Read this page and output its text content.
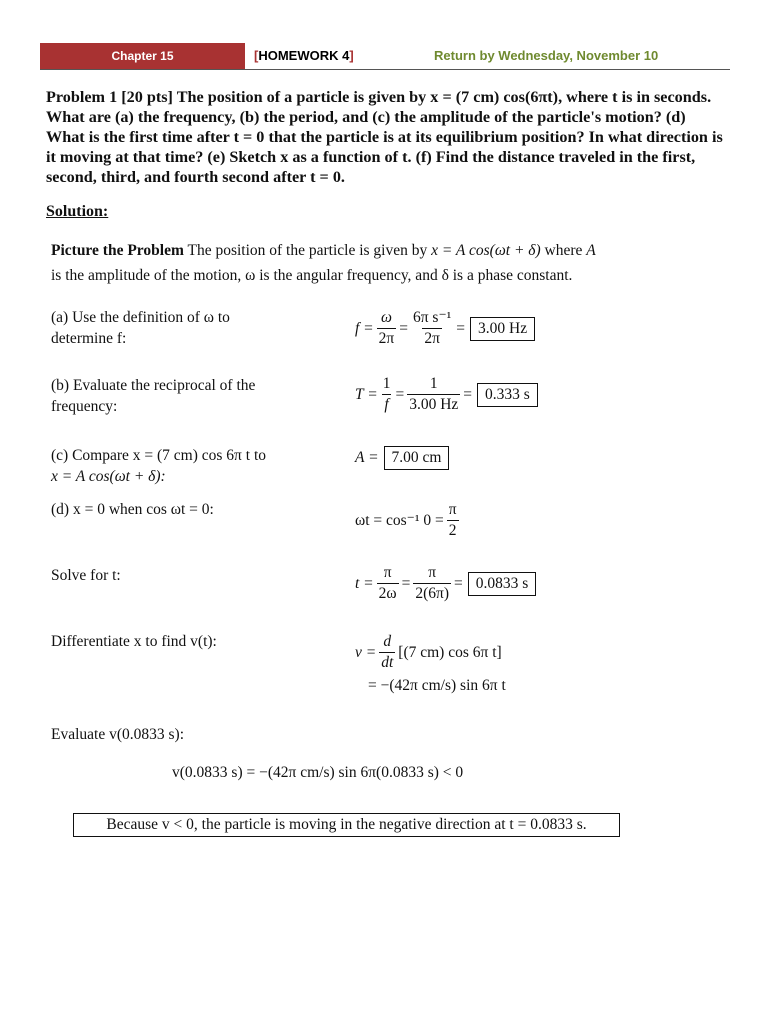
Chapter 15	[HOMEWORK 4]	Return by Wednesday, November 10
Problem 1 [20 pts] The position of a particle is given by x = (7 cm) cos(6πt), where t is in seconds. What are (a) the frequency, (b) the period, and (c) the amplitude of the particle's motion? (d) What is the first time after t = 0 that the particle is at its equilibrium position? In what direction is it moving at that time? (e) Sketch x as a function of t. (f) Find the distance traveled in the first, second, third, and fourth second after t = 0.
Solution:
Picture the Problem The position of the particle is given by x = A cos(ωt + δ) where A
is the amplitude of the motion, ω is the angular frequency, and δ is a phase constant.
(a) Use the definition of ω to
determine f:
$f = \frac{\omega}{2\pi} = \frac{\text{6π s⁻¹}}{2\pi} = 3.00$ Hz
(b) Evaluate the reciprocal of the
frequency:
$T = \frac{1}{f} = \frac{1}{3.00 Hz} = 0.333$ s
(c) Compare x = (7 cm) cos 6π t to
x = A cos(ωt + δ):
A = 7.00 cm
(d) x = 0 when cos ωt = 0:
ωt = cos⁻¹ $0 = \frac{\pi}{2}$
Solve for t:	$t = \frac{\pi}{2\omega} = \frac{\pi}{2(6\pi)} = 0.0833$ s
Differentiate x to find v(t):
$v = \frac{d}{dt} [(7$ cm) cos 6π t]
= −(42π cm/s) sin 6π t
Evaluate v(0.0833 s):
v(0.0833 s) = −(42π cm/s) sin 6π(0.0833 s) < 0
Because v < 0, the particle is moving in the negative direction at t = 0.0833 s.
